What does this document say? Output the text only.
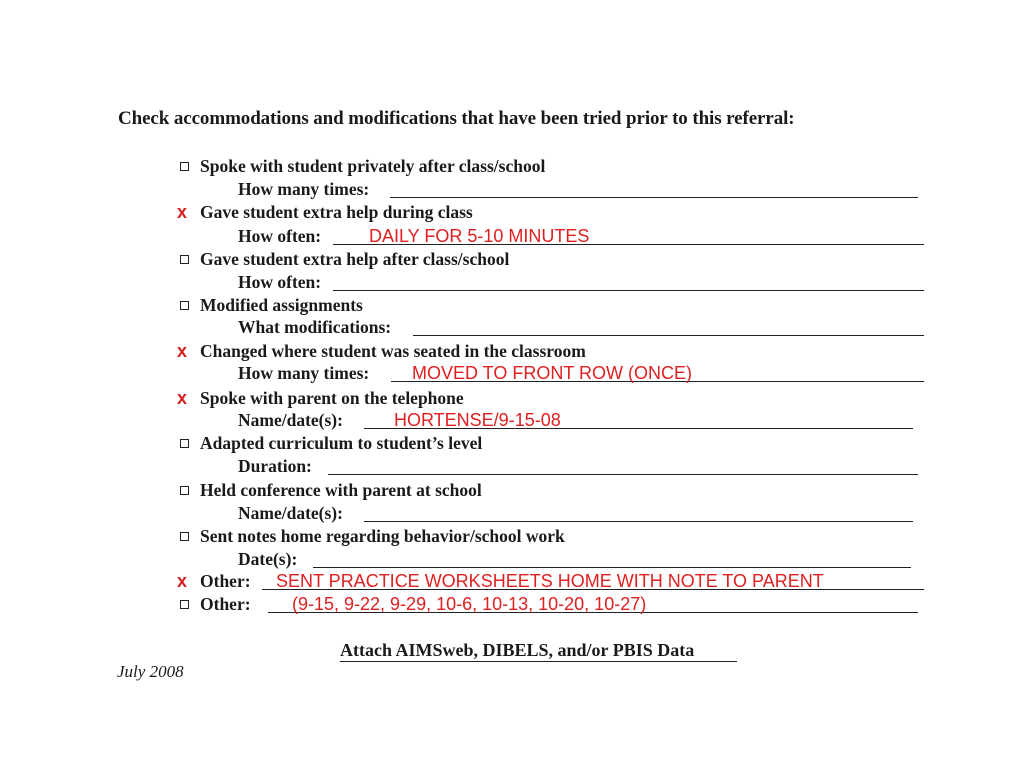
Check accommodations and modifications that have been tried prior to this referral:
Spoke with student privately after class/school
How many times:
x Gave student extra help during class
How often:	DAILY FOR 5-10 MINUTES
Gave student extra help after class/school
How often:
Modified assignments
What modifications:
x Changed where student was seated in the classroom
How many times: MOVED TO FRONT ROW (ONCE)
x Spoke with parent on the telephone
Name/date(s):	HORTENSE/9-15-08
Adapted curriculum to student’s level
Duration:
Held conference with parent at school
Name/date(s):
Sent notes home regarding behavior/school work
Date(s):
x Other: SENT PRACTICE WORKSHEETS HOME WITH NOTE TO PARENT
Other: (9-15, 9-22, 9-29, 10-6, 10-13, 10-20, 10-27)
Attach AIMSweb, DIBELS, and/or PBIS Data
July 2008
